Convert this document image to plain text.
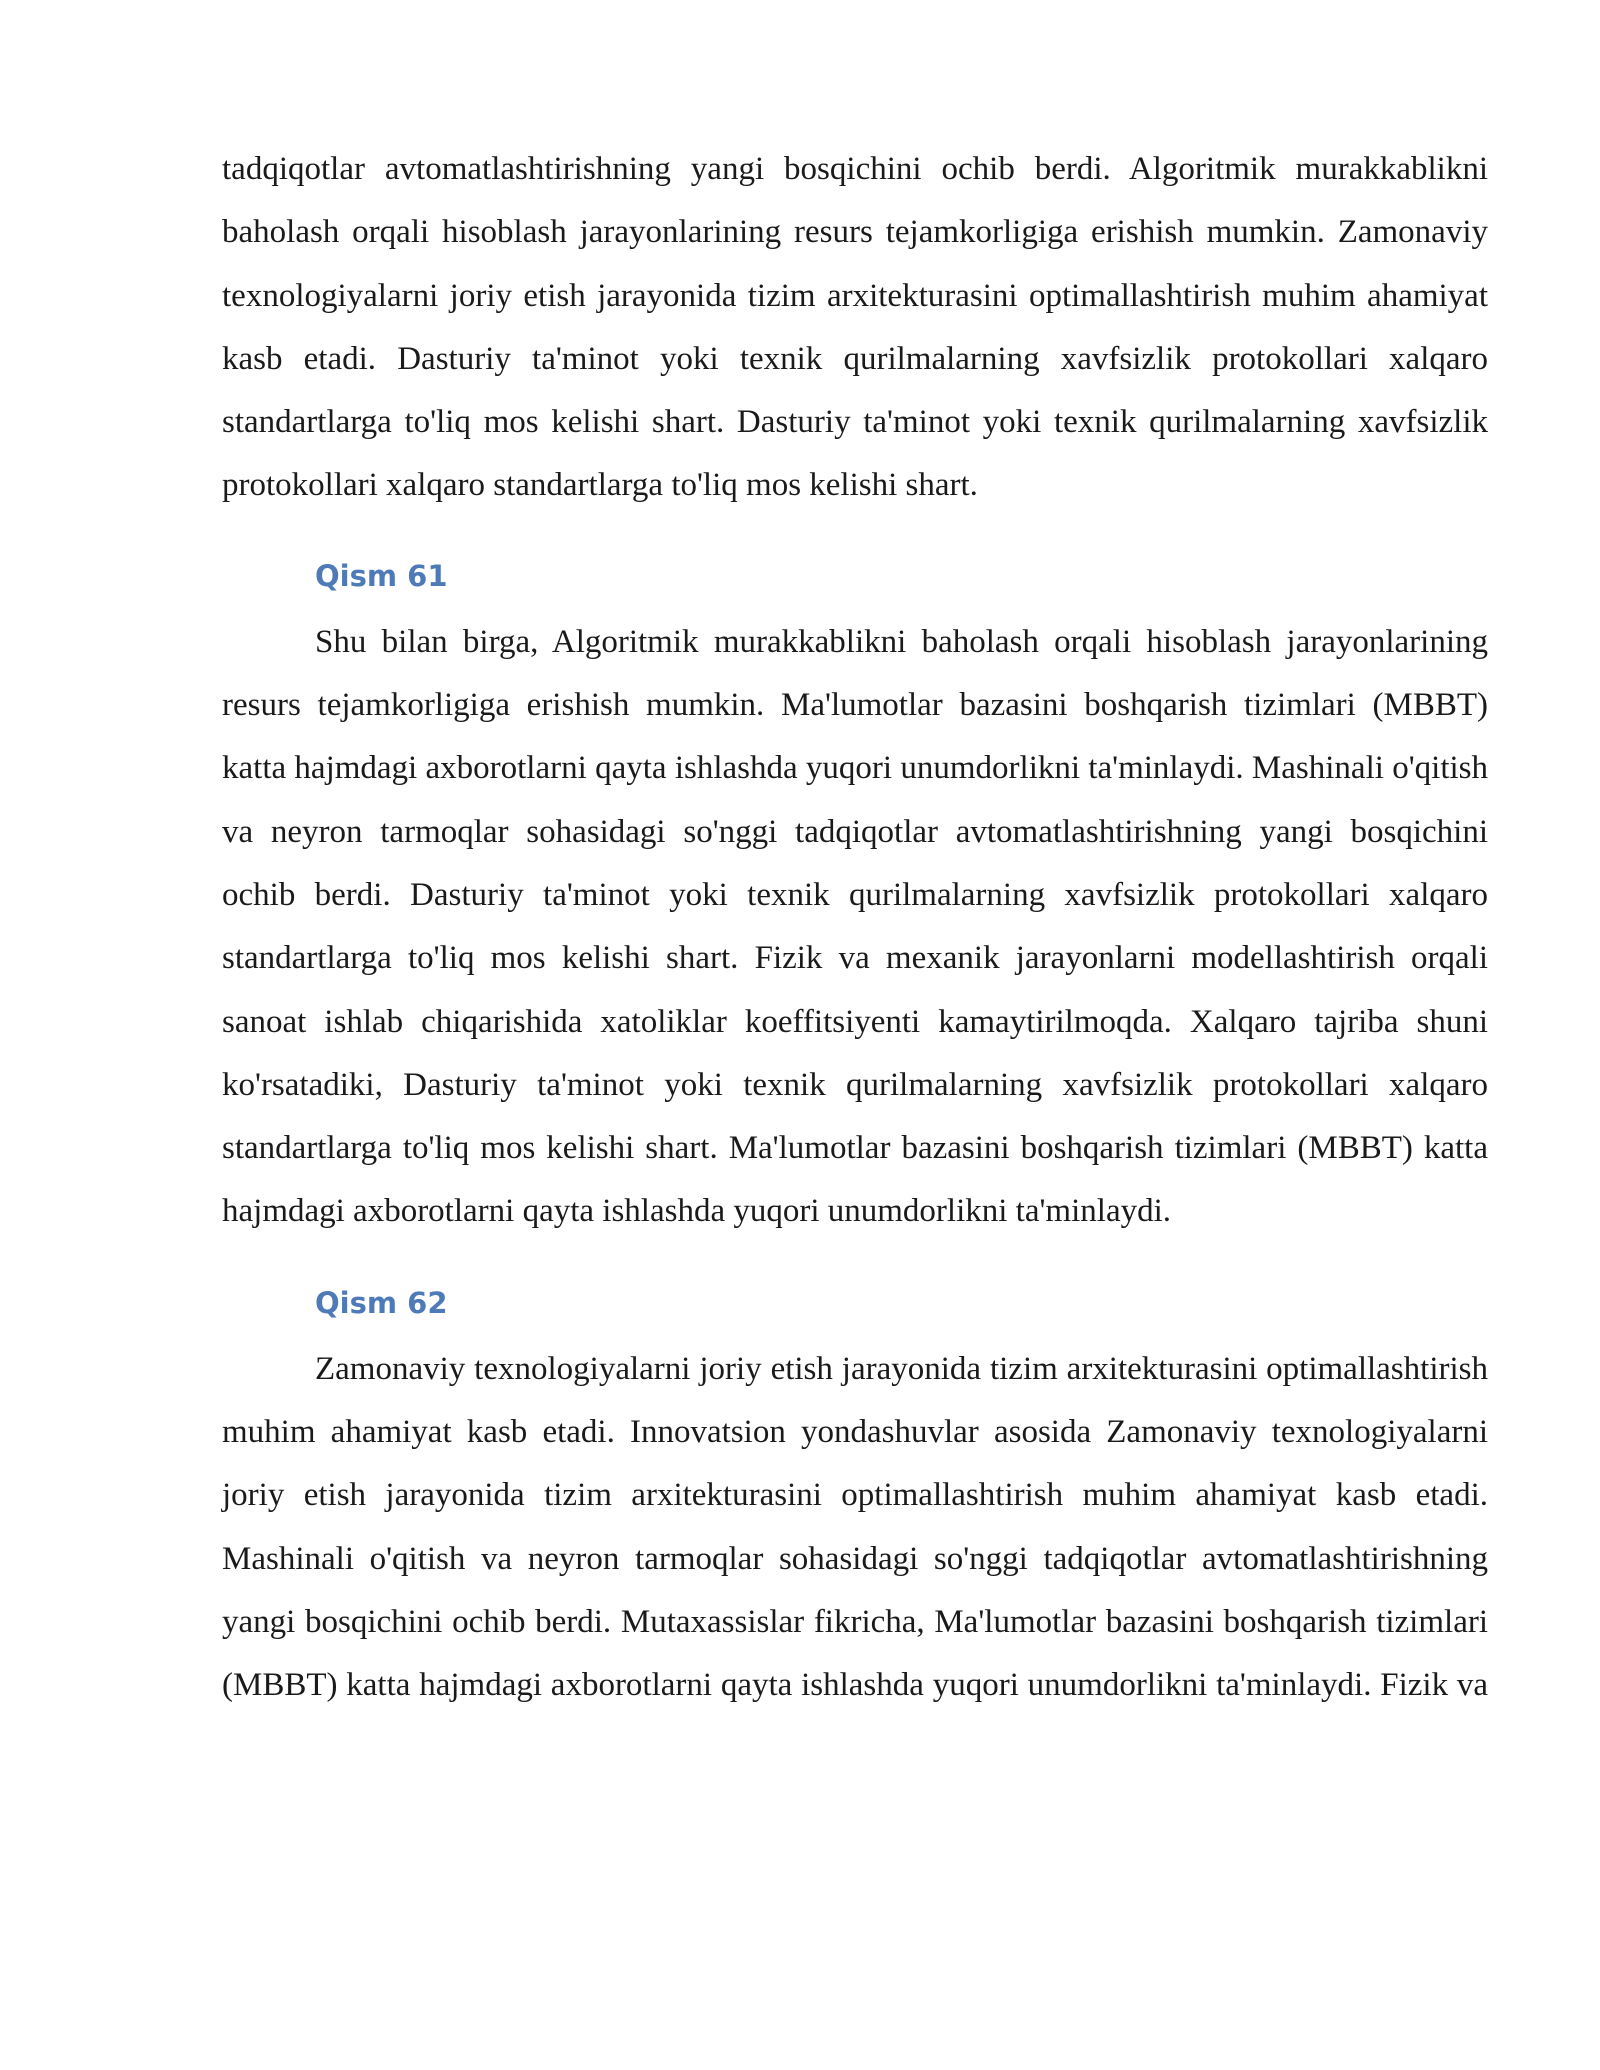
tadqiqotlar avtomatlashtirishning yangi bosqichini ochib berdi. Algoritmik murakkablikni baholash orqali hisoblash jarayonlarining resurs tejamkorligiga erishish mumkin. Zamonaviy texnologiyalarni joriy etish jarayonida tizim arxitekturasini optimallashtirish muhim ahamiyat kasb etadi. Dasturiy ta'minot yoki texnik qurilmalarning xavfsizlik protokollari xalqaro standartlarga to'liq mos kelishi shart. Dasturiy ta'minot yoki texnik qurilmalarning xavfsizlik protokollari xalqaro standartlarga to'liq mos kelishi shart.

Qism 61

Shu bilan birga, Algoritmik murakkablikni baholash orqali hisoblash jarayonlarining resurs tejamkorligiga erishish mumkin. Ma'lumotlar bazasini boshqarish tizimlari (MBBT) katta hajmdagi axborotlarni qayta ishlashda yuqori unumdorlikni ta'minlaydi. Mashinali o'qitish va neyron tarmoqlar sohasidagi so'nggi tadqiqotlar avtomatlashtirishning yangi bosqichini ochib berdi. Dasturiy ta'minot yoki texnik qurilmalarning xavfsizlik protokollari xalqaro standartlarga to'liq mos kelishi shart. Fizik va mexanik jarayonlarni modellashtirish orqali sanoat ishlab chiqarishida xatoliklar koeffitsiyenti kamaytirilmoqda. Xalqaro tajriba shuni ko'rsatadiki, Dasturiy ta'minot yoki texnik qurilmalarning xavfsizlik protokollari xalqaro standartlarga to'liq mos kelishi shart. Ma'lumotlar bazasini boshqarish tizimlari (MBBT) katta hajmdagi axborotlarni qayta ishlashda yuqori unumdorlikni ta'minlaydi.

Qism 62

Zamonaviy texnologiyalarni joriy etish jarayonida tizim arxitekturasini optimallashtirish muhim ahamiyat kasb etadi. Innovatsion yondashuvlar asosida Zamonaviy texnologiyalarni joriy etish jarayonida tizim arxitekturasini optimallashtirish muhim ahamiyat kasb etadi. Mashinali o'qitish va neyron tarmoqlar sohasidagi so'nggi tadqiqotlar avtomatlashtirishning yangi bosqichini ochib berdi. Mutaxassislar fikricha, Ma'lumotlar bazasini boshqarish tizimlari (MBBT) katta hajmdagi axborotlarni qayta ishlashda yuqori unumdorlikni ta'minlaydi. Fizik va
